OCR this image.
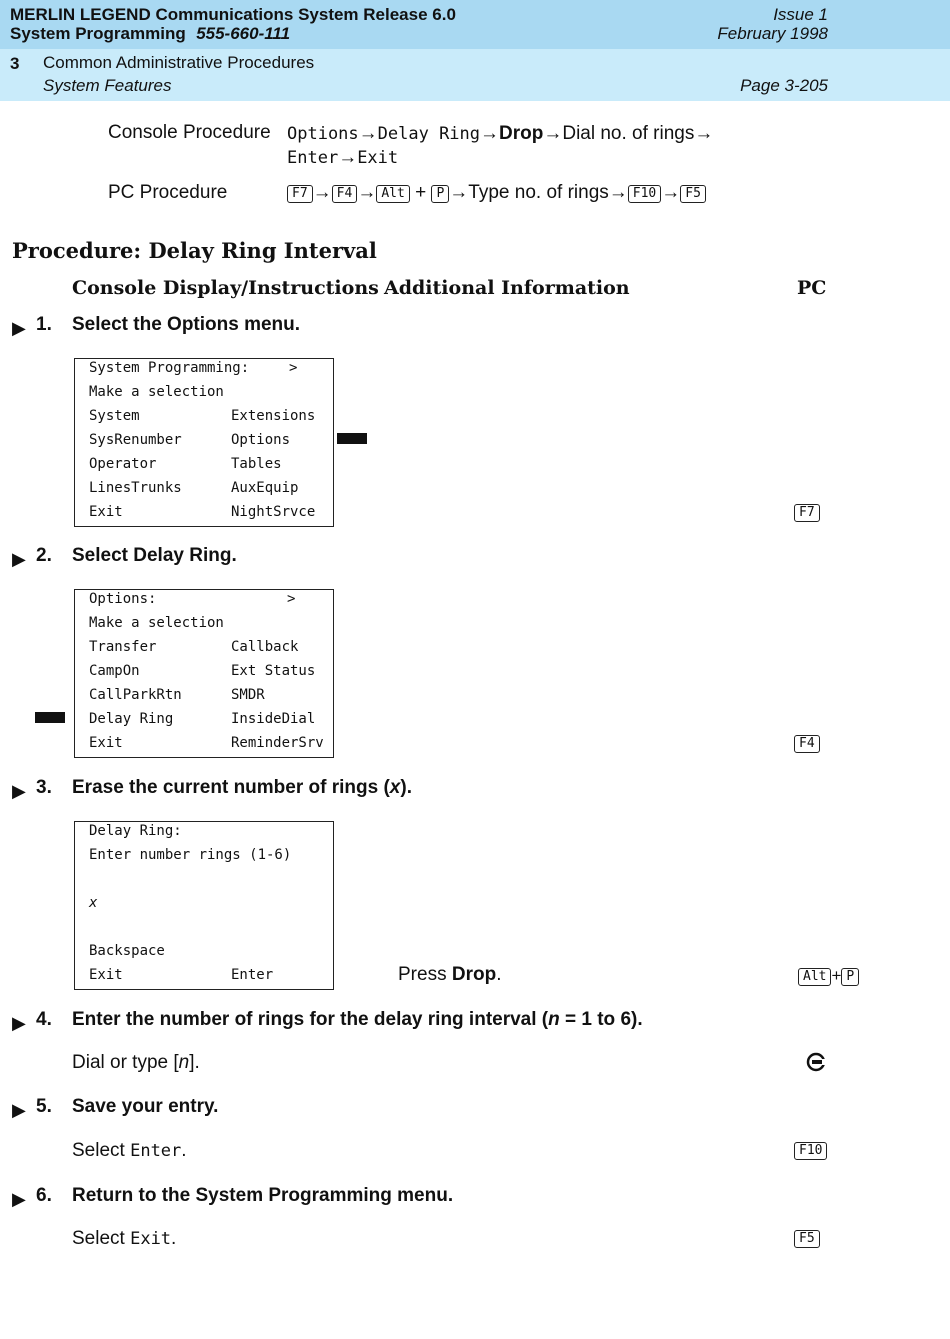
MERLIN LEGEND Communications System Release 6.0
System Programming 555-660-111
Issue 1
February 1998
3 Common Administrative Procedures
System Features	Page 3-205
Console Procedure Options→Delay Ring→Drop→Dial no. of rings→
Enter→Exit
PC Procedure	F7 → F4 → Alt + P →Type no. of rings→ F10 → F5
Procedure: Delay Ring Interval
Console Display/Instructions Additional Information	PC
▶ 1. Select the Options menu.
System Programming:	>
Make a selection
System	Extensions
SysRenumber	Options
Operator	Tables
LinesTrunks	AuxEquip
Exit	NightSrvce	F7
▶ 2. Select Delay Ring.
Options:	>
Make a selection
Transfer	Callback
CampOn	Ext Status
CallParkRtn	SMDR
Delay Ring	InsideDial
Exit	ReminderSrv	F4
▶ 3. Erase the current number of rings (x).
Delay Ring:
Enter number rings (1-6)
x
Backspace
Exit	Enter	Press Drop.	Alt + P
▶ 4. Enter the number of rings for the delay ring interval (n = 1 to 6).
Dial or type [n].
▶ 5. Save your entry.
Select Enter.	F10
▶ 6. Return to the System Programming menu.
Select Exit.	F5
